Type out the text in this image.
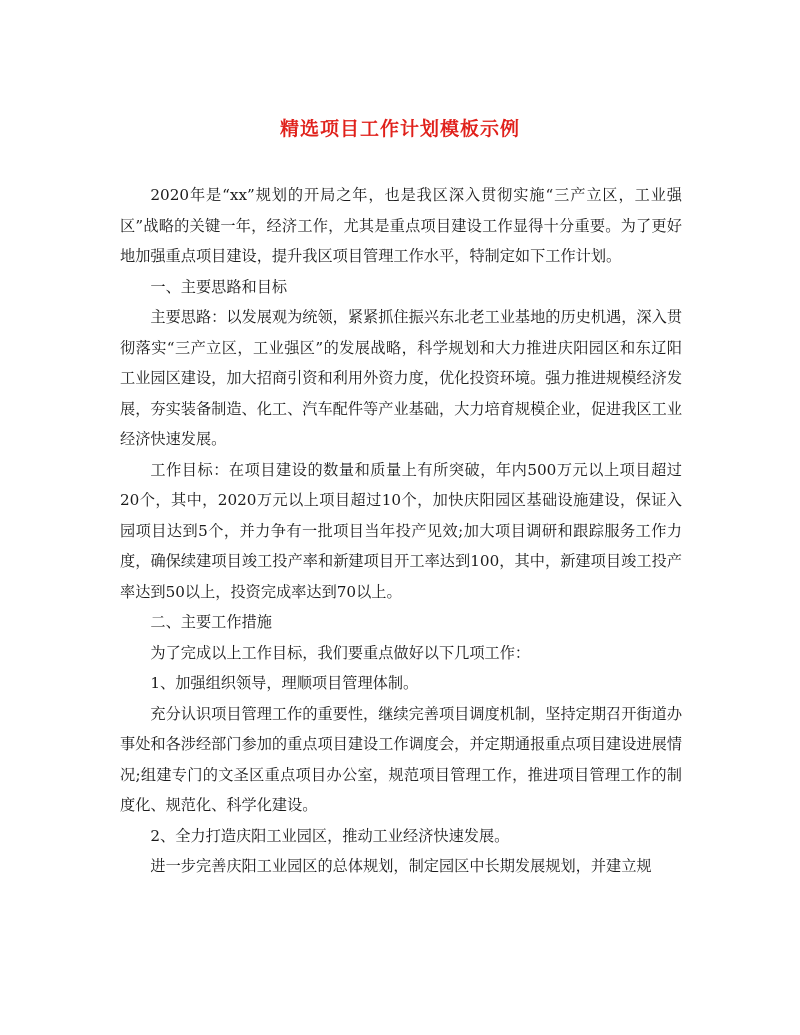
精选项目工作计划模板示例

2020年是“xx”规划的开局之年，也是我区深入贯彻实施“三产立区，工业强区”战略的关键一年，经济工作，尤其是重点项目建设工作显得十分重要。为了更好地加强重点项目建设，提升我区项目管理工作水平，特制定如下工作计划。

一、主要思路和目标

主要思路：以发展观为统领，紧紧抓住振兴东北老工业基地的历史机遇，深入贯彻落实“三产立区，工业强区”的发展战略，科学规划和大力推进庆阳园区和东辽阳工业园区建设，加大招商引资和利用外资力度，优化投资环境。强力推进规模经济发展，夯实装备制造、化工、汽车配件等产业基础，大力培育规模企业，促进我区工业经济快速发展。

工作目标：在项目建设的数量和质量上有所突破，年内500万元以上项目超过20个，其中，2020万元以上项目超过10个，加快庆阳园区基础设施建设，保证入园项目达到5个，并力争有一批项目当年投产见效;加大项目调研和跟踪服务工作力度，确保续建项目竣工投产率和新建项目开工率达到100，其中，新建项目竣工投产率达到50以上，投资完成率达到70以上。

二、主要工作措施

为了完成以上工作目标，我们要重点做好以下几项工作：

1、加强组织领导，理顺项目管理体制。

充分认识项目管理工作的重要性，继续完善项目调度机制，坚持定期召开街道办事处和各涉经部门参加的重点项目建设工作调度会，并定期通报重点项目建设进展情况;组建专门的文圣区重点项目办公室，规范项目管理工作，推进项目管理工作的制度化、规范化、科学化建设。

2、全力打造庆阳工业园区，推动工业经济快速发展。

进一步完善庆阳工业园区的总体规划，制定园区中长期发展规划，并建立规
